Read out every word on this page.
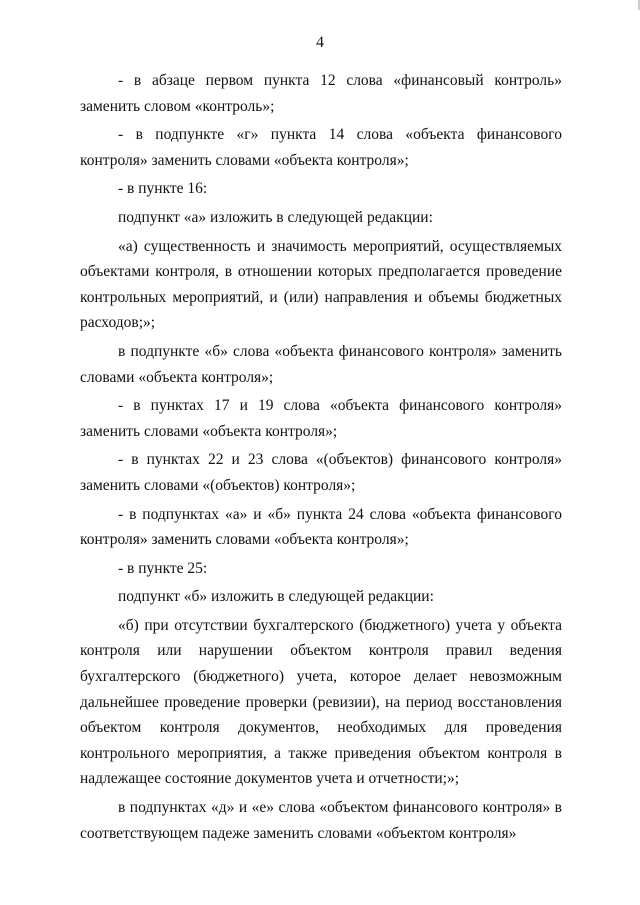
4

- в абзаце первом пункта 12 слова «финансовый контроль» заменить словом «контроль»;

- в подпункте «г» пункта 14 слова «объекта финансового контроля» заменить словами «объекта контроля»;

- в пункте 16:

подпункт «а» изложить в следующей редакции:

«а) существенность и значимость мероприятий, осуществляемых объектами контроля, в отношении которых предполагается проведение контрольных мероприятий, и (или) направления и объемы бюджетных расходов;»;

в подпункте «б» слова «объекта финансового контроля» заменить словами «объекта контроля»;

- в пунктах 17 и 19 слова «объекта финансового контроля» заменить словами «объекта контроля»;

- в пунктах 22 и 23 слова «(объектов) финансового контроля» заменить словами «(объектов) контроля»;

- в подпунктах «а» и «б» пункта 24 слова «объекта финансового контроля» заменить словами «объекта контроля»;

- в пункте 25:

подпункт «б» изложить в следующей редакции:

«б) при отсутствии бухгалтерского (бюджетного) учета у объекта контроля или нарушении объектом контроля правил ведения бухгалтерского (бюджетного) учета, которое делает невозможным дальнейшее проведение проверки (ревизии), на период восстановления объектом контроля документов, необходимых для проведения контрольного мероприятия, а также приведения объектом контроля в надлежащее состояние документов учета и отчетности;»;

в подпунктах «д» и «е» слова «объектом финансового контроля» в соответствующем падеже заменить словами «объектом контроля»
